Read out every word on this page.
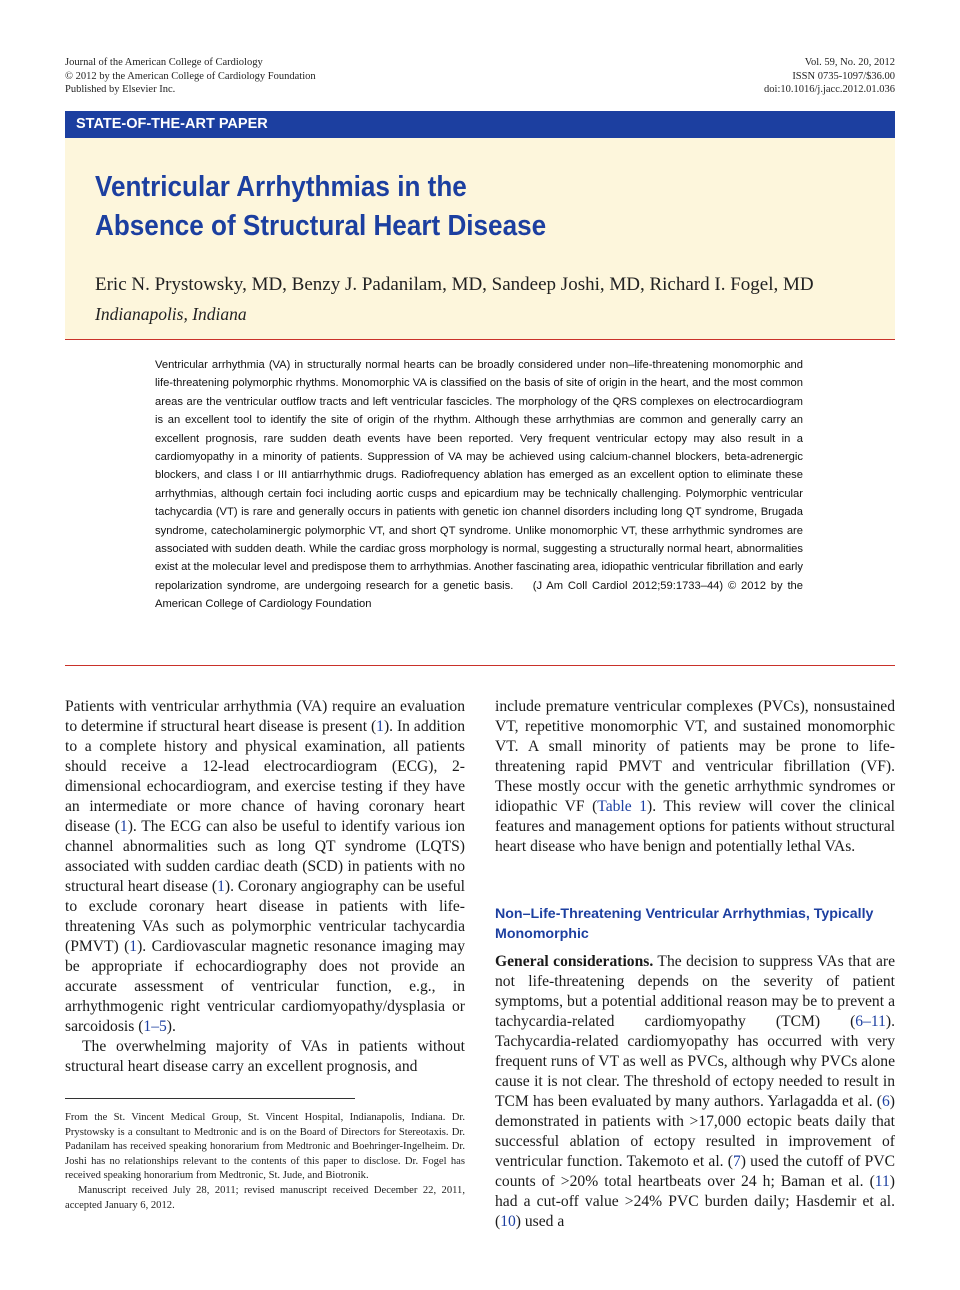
Journal of the American College of Cardiology
© 2012 by the American College of Cardiology Foundation
Published by Elsevier Inc.
Vol. 59, No. 20, 2012
ISSN 0735-1097/$36.00
doi:10.1016/j.jacc.2012.01.036
STATE-OF-THE-ART PAPER
Ventricular Arrhythmias in the
Absence of Structural Heart Disease
Eric N. Prystowsky, MD, Benzy J. Padanilam, MD, Sandeep Joshi, MD, Richard I. Fogel, MD
Indianapolis, Indiana

Ventricular arrhythmia (VA) in structurally normal hearts can be broadly considered under non–life-threatening monomorphic and life-threatening polymorphic rhythms. Monomorphic VA is classified on the basis of site of origin in the heart, and the most common areas are the ventricular outflow tracts and left ventricular fascicles. The morphology of the QRS complexes on electrocardiogram is an excellent tool to identify the site of origin of the rhythm. Although these arrhythmias are common and generally carry an excellent prognosis, rare sudden death events have been reported. Very frequent ventricular ectopy may also result in a cardiomyopathy in a minority of patients. Suppression of VA may be achieved using calcium-channel blockers, beta-adrenergic blockers, and class I or III antiarrhythmic drugs. Radiofrequency ablation has emerged as an excellent option to eliminate these arrhythmias, although certain foci including aortic cusps and epicardium may be technically challenging. Polymorphic ventricular tachycardia (VT) is rare and generally occurs in patients with genetic ion channel disorders including long QT syndrome, Brugada syndrome, catecholaminergic polymorphic VT, and short QT syndrome. Unlike monomorphic VT, these arrhythmic syndromes are associated with sudden death. While the cardiac gross morphology is normal, suggesting a structurally normal heart, abnormalities exist at the molecular level and predispose them to arrhythmias. Another fascinating area, idiopathic ventricular fibrillation and early repolarization syndrome, are undergoing research for a genetic basis. (J Am Coll Cardiol 2012;59:1733–44) © 2012 by the American College of Cardiology Foundation

Patients with ventricular arrhythmia (VA) require an evaluation to determine if structural heart disease is present (1). In addition to a complete history and physical examination, all patients should receive a 12-lead electrocardiogram (ECG), 2-dimensional echocardiogram, and exercise testing if they have an intermediate or more chance of having coronary heart disease (1). The ECG can also be useful to identify various ion channel abnormalities such as long QT syndrome (LQTS) associated with sudden cardiac death (SCD) in patients with no structural heart disease (1). Coronary angiography can be useful to exclude coronary heart disease in patients with life-threatening VAs such as polymorphic ventricular tachycardia (PMVT) (1). Cardiovascular magnetic resonance imaging may be appropriate if echocardiography does not provide an accurate assessment of ventricular function, e.g., in arrhythmogenic right ventricular cardiomyopathy/dysplasia or sarcoidosis (1–5).

The overwhelming majority of VAs in patients without structural heart disease carry an excellent prognosis, and

include premature ventricular complexes (PVCs), nonsustained VT, repetitive monomorphic VT, and sustained monomorphic VT. A small minority of patients may be prone to life-threatening rapid PMVT and ventricular fibrillation (VF). These mostly occur with the genetic arrhythmic syndromes or idiopathic VF (Table 1). This review will cover the clinical features and management options for patients without structural heart disease who have benign and potentially lethal VAs.

Non–Life-Threatening Ventricular Arrhythmias, Typically Monomorphic

General considerations. The decision to suppress VAs that are not life-threatening depends on the severity of patient symptoms, but a potential additional reason may be to prevent a tachycardia-related cardiomyopathy (TCM) (6–11). Tachycardia-related cardiomyopathy has occurred with very frequent runs of VT as well as PVCs, although why PVCs alone cause it is not clear. The threshold of ectopy needed to result in TCM has been evaluated by many authors. Yarlagadda et al. (6) demonstrated in patients with >17,000 ectopic beats daily that successful ablation of ectopy resulted in improvement of ventricular function. Takemoto et al. (7) used the cutoff of PVC counts of >20% total heartbeats over 24 h; Baman et al. (11) had a cut-off value >24% PVC burden daily; Hasdemir et al. (10) used a

From the St. Vincent Medical Group, St. Vincent Hospital, Indianapolis, Indiana. Dr. Prystowsky is a consultant to Medtronic and is on the Board of Directors for Stereotaxis. Dr. Padanilam has received speaking honorarium from Medtronic and Boehringer-Ingelheim. Dr. Joshi has no relationships relevant to the contents of this paper to disclose. Dr. Fogel has received speaking honorarium from Medtronic, St. Jude, and Biotronik.

Manuscript received July 28, 2011; revised manuscript received December 22, 2011, accepted January 6, 2012.
